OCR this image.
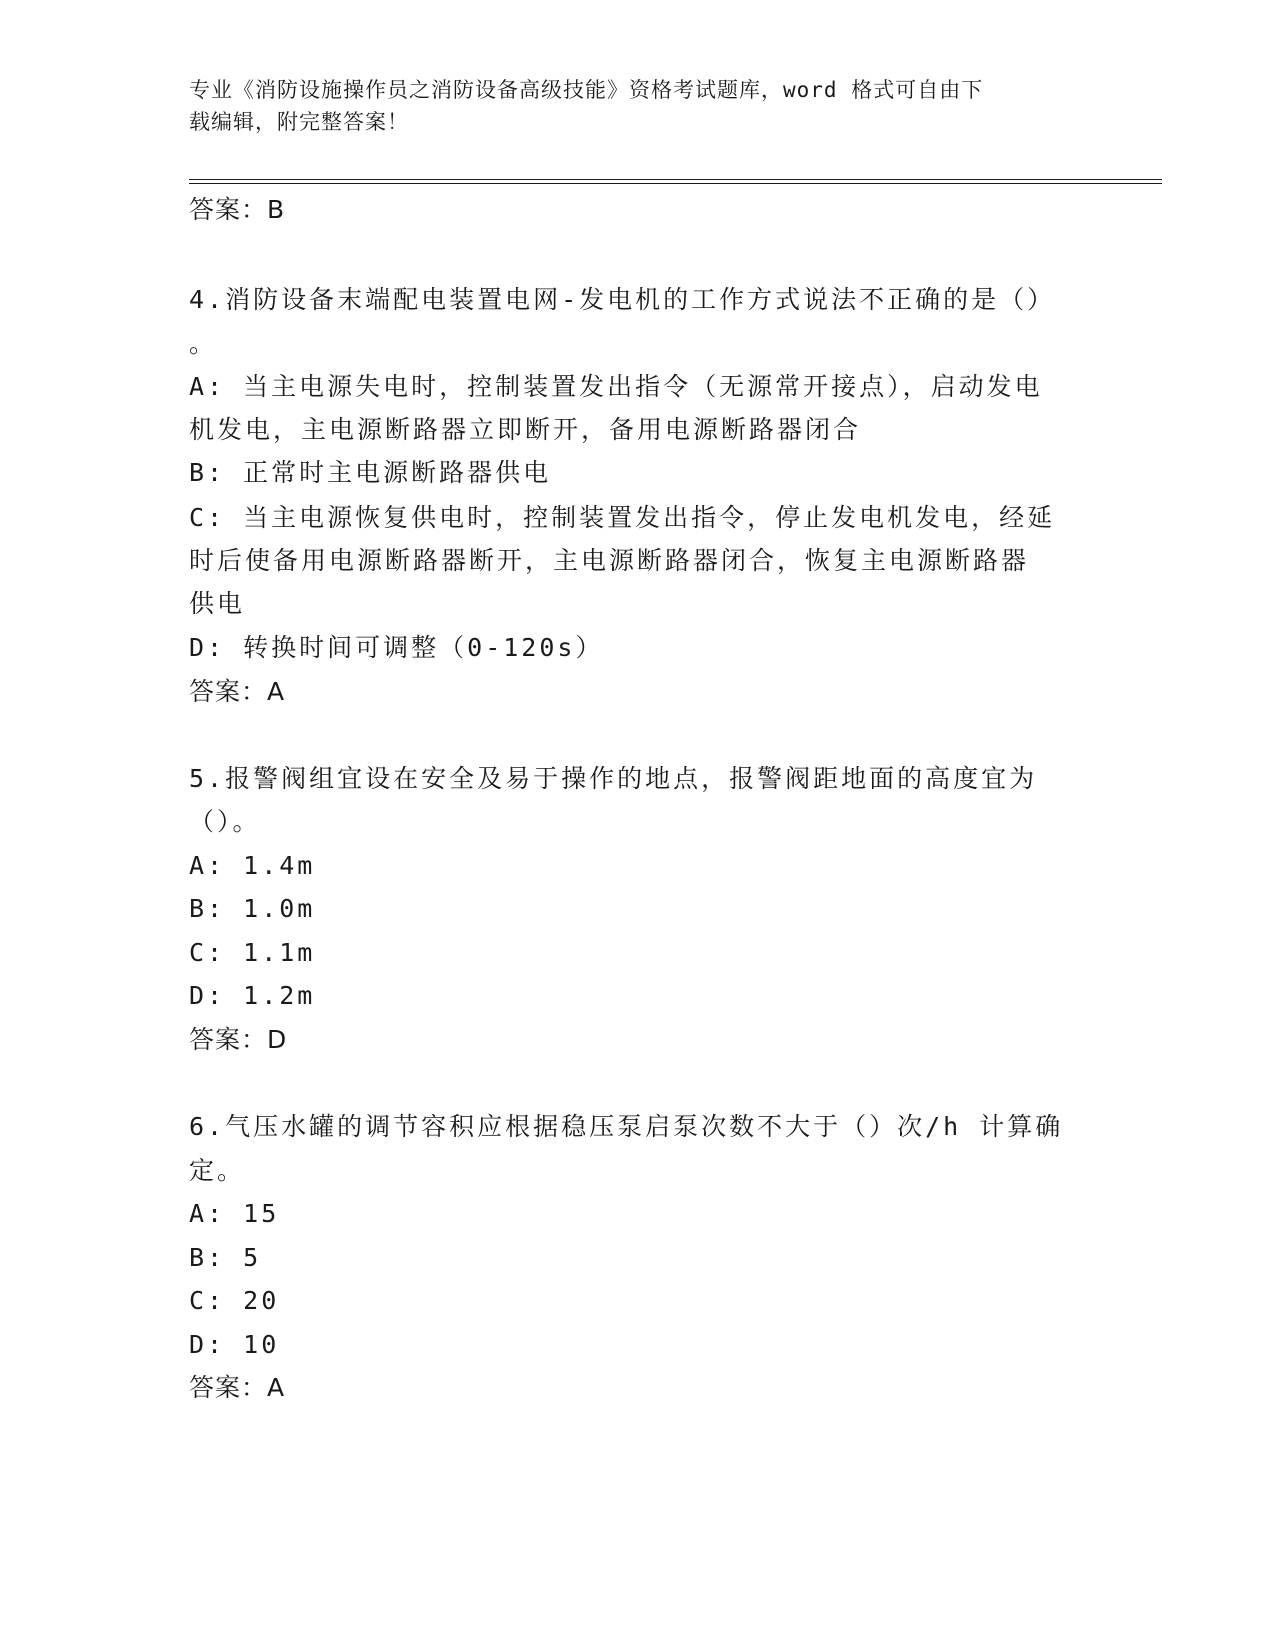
专业《消防设施操作员之消防设备高级技能》资格考试题库，word 格式可自由下
载编辑，附完整答案！
答案：B
4.消防设备末端配电装置电网-发电机的工作方式说法不正确的是（）
。
A: 当主电源失电时，控制装置发出指令（无源常开接点），启动发电
机发电，主电源断路器立即断开，备用电源断路器闭合
B: 正常时主电源断路器供电
C: 当主电源恢复供电时，控制装置发出指令，停止发电机发电，经延
时后使备用电源断路器断开，主电源断路器闭合，恢复主电源断路器
供电
D: 转换时间可调整（0-120s）
答案：A
5.报警阀组宜设在安全及易于操作的地点，报警阀距地面的高度宜为
（）。
A: 1.4m
B: 1.0m
C: 1.1m
D: 1.2m
答案：D
6.气压水罐的调节容积应根据稳压泵启泵次数不大于（）次/h 计算确
定。
A: 15
B: 5
C: 20
D: 10
答案：A
